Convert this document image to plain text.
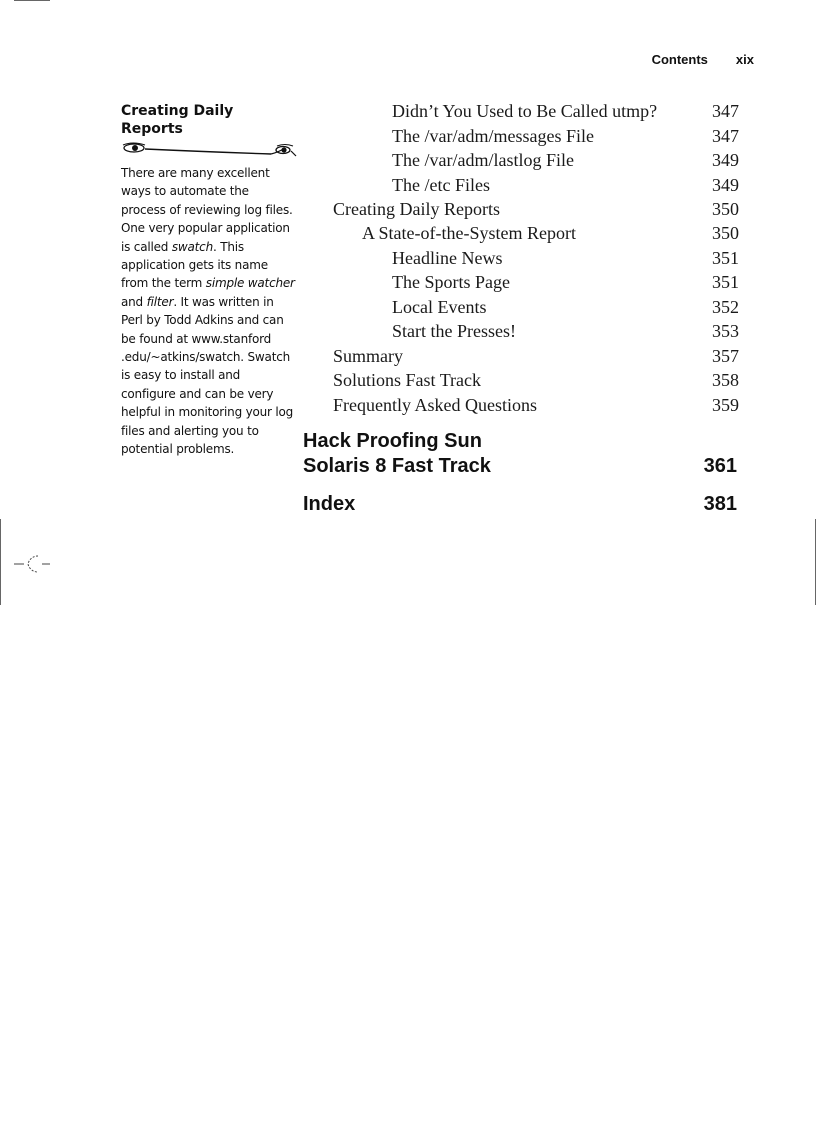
Contents xix
Creating Daily Reports

There are many excellent ways to automate the process of reviewing log files. One very popular application is called swatch. This application gets its name from the term simple watcher and filter. It was written in Perl by Todd Adkins and can be found at www.stanford .edu/~atkins/swatch. Swatch is easy to install and configure and can be very helpful in monitoring your log files and alerting you to potential problems.

Didn’t You Used to Be Called utmp?	347
The /var/adm/messages File	347
The /var/adm/lastlog File	349
The /etc Files	349
Creating Daily Reports	350
A State-of-the-System Report	350
Headline News	351
The Sports Page	351
Local Events	352
Start the Presses!	353
Summary	357
Solutions Fast Track	358
Frequently Asked Questions	359
Hack Proofing Sun
Solaris 8 Fast Track	361
Index	381
